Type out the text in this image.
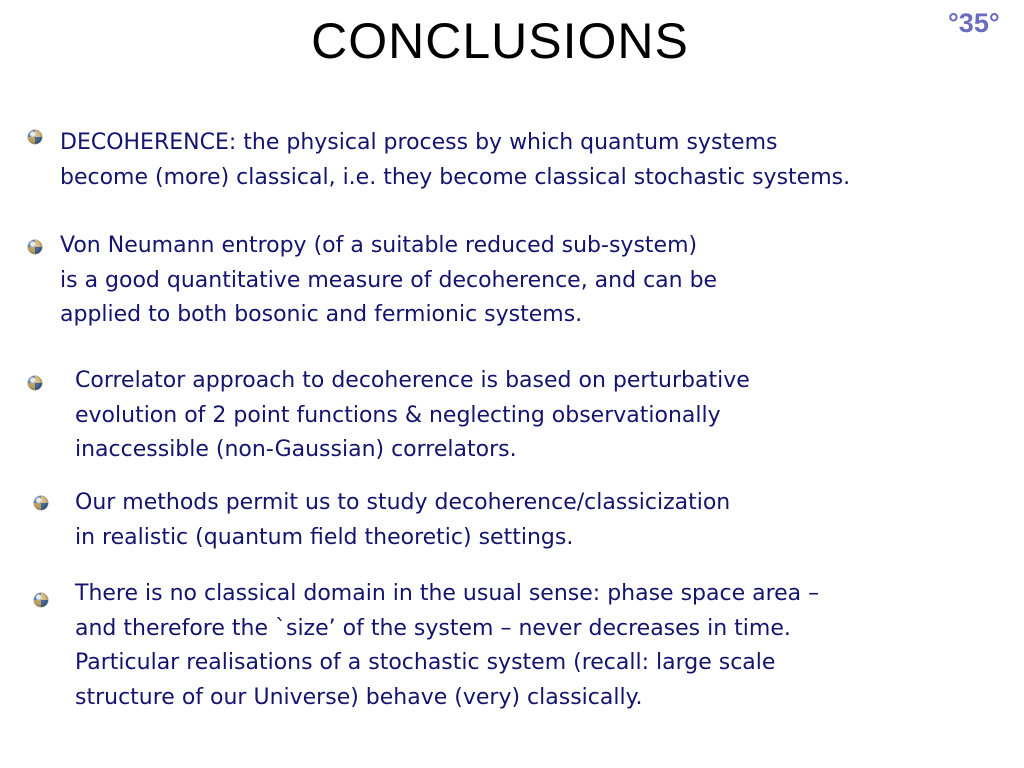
CONCLUSIONS	°35°
DECOHERENCE: the physical process by which quantum systems
become (more) classical, i.e. they become classical stochastic systems.
Von Neumann entropy (of a suitable reduced sub-system)
is a good quantitative measure of decoherence, and can be
applied to both bosonic and fermionic systems.
Correlator approach to decoherence is based on perturbative
evolution of 2 point functions & neglecting observationally
inaccessible (non-Gaussian) correlators.
Our methods permit us to study decoherence/classicization
in realistic (quantum field theoretic) settings.
There is no classical domain in the usual sense: phase space area –
and therefore the `size’ of the system – never decreases in time.
Particular realisations of a stochastic system (recall: large scale
structure of our Universe) behave (very) classically.
